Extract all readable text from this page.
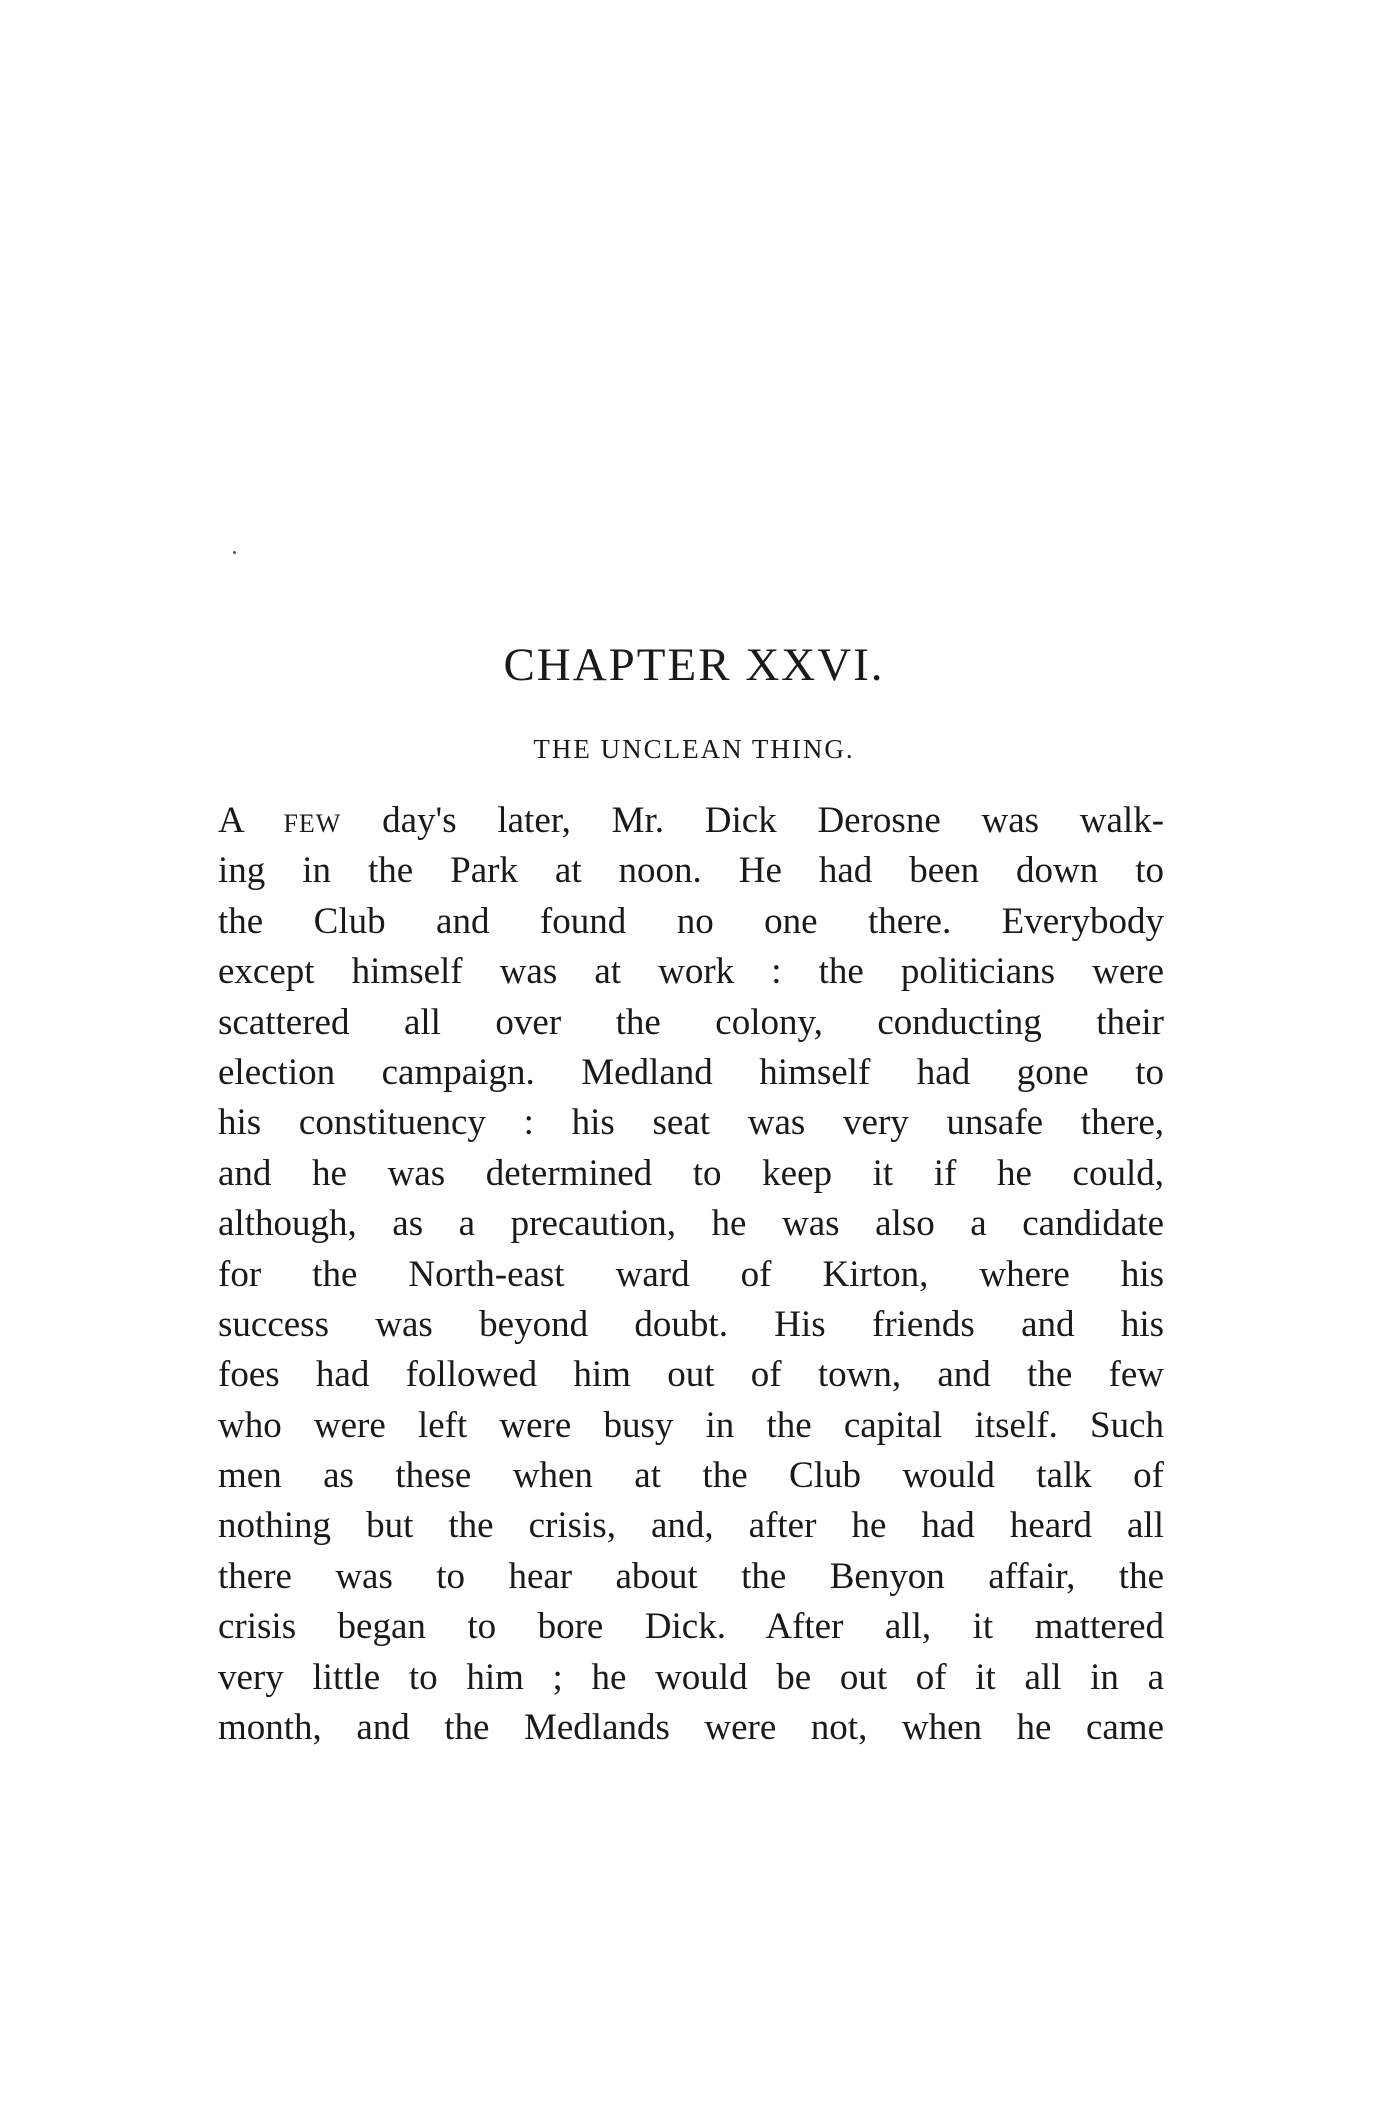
CHAPTER XXVI.
THE UNCLEAN THING.
A few day's later, Mr. Dick Derosne was walk-
ing in the Park at noon. He had been down to
the Club and found no one there. Everybody
except himself was at work : the politicians were
scattered all over the colony, conducting their
election campaign. Medland himself had gone to
his constituency : his seat was very unsafe there,
and he was determined to keep it if he could,
although, as a precaution, he was also a candidate
for the North-east ward of Kirton, where his
success was beyond doubt. His friends and his
foes had followed him out of town, and the few
who were left were busy in the capital itself. Such
men as these when at the Club would talk of
nothing but the crisis, and, after he had heard all
there was to hear about the Benyon affair, the
crisis began to bore Dick. After all, it mattered
very little to him ; he would be out of it all in a
month, and the Medlands were not, when he came
